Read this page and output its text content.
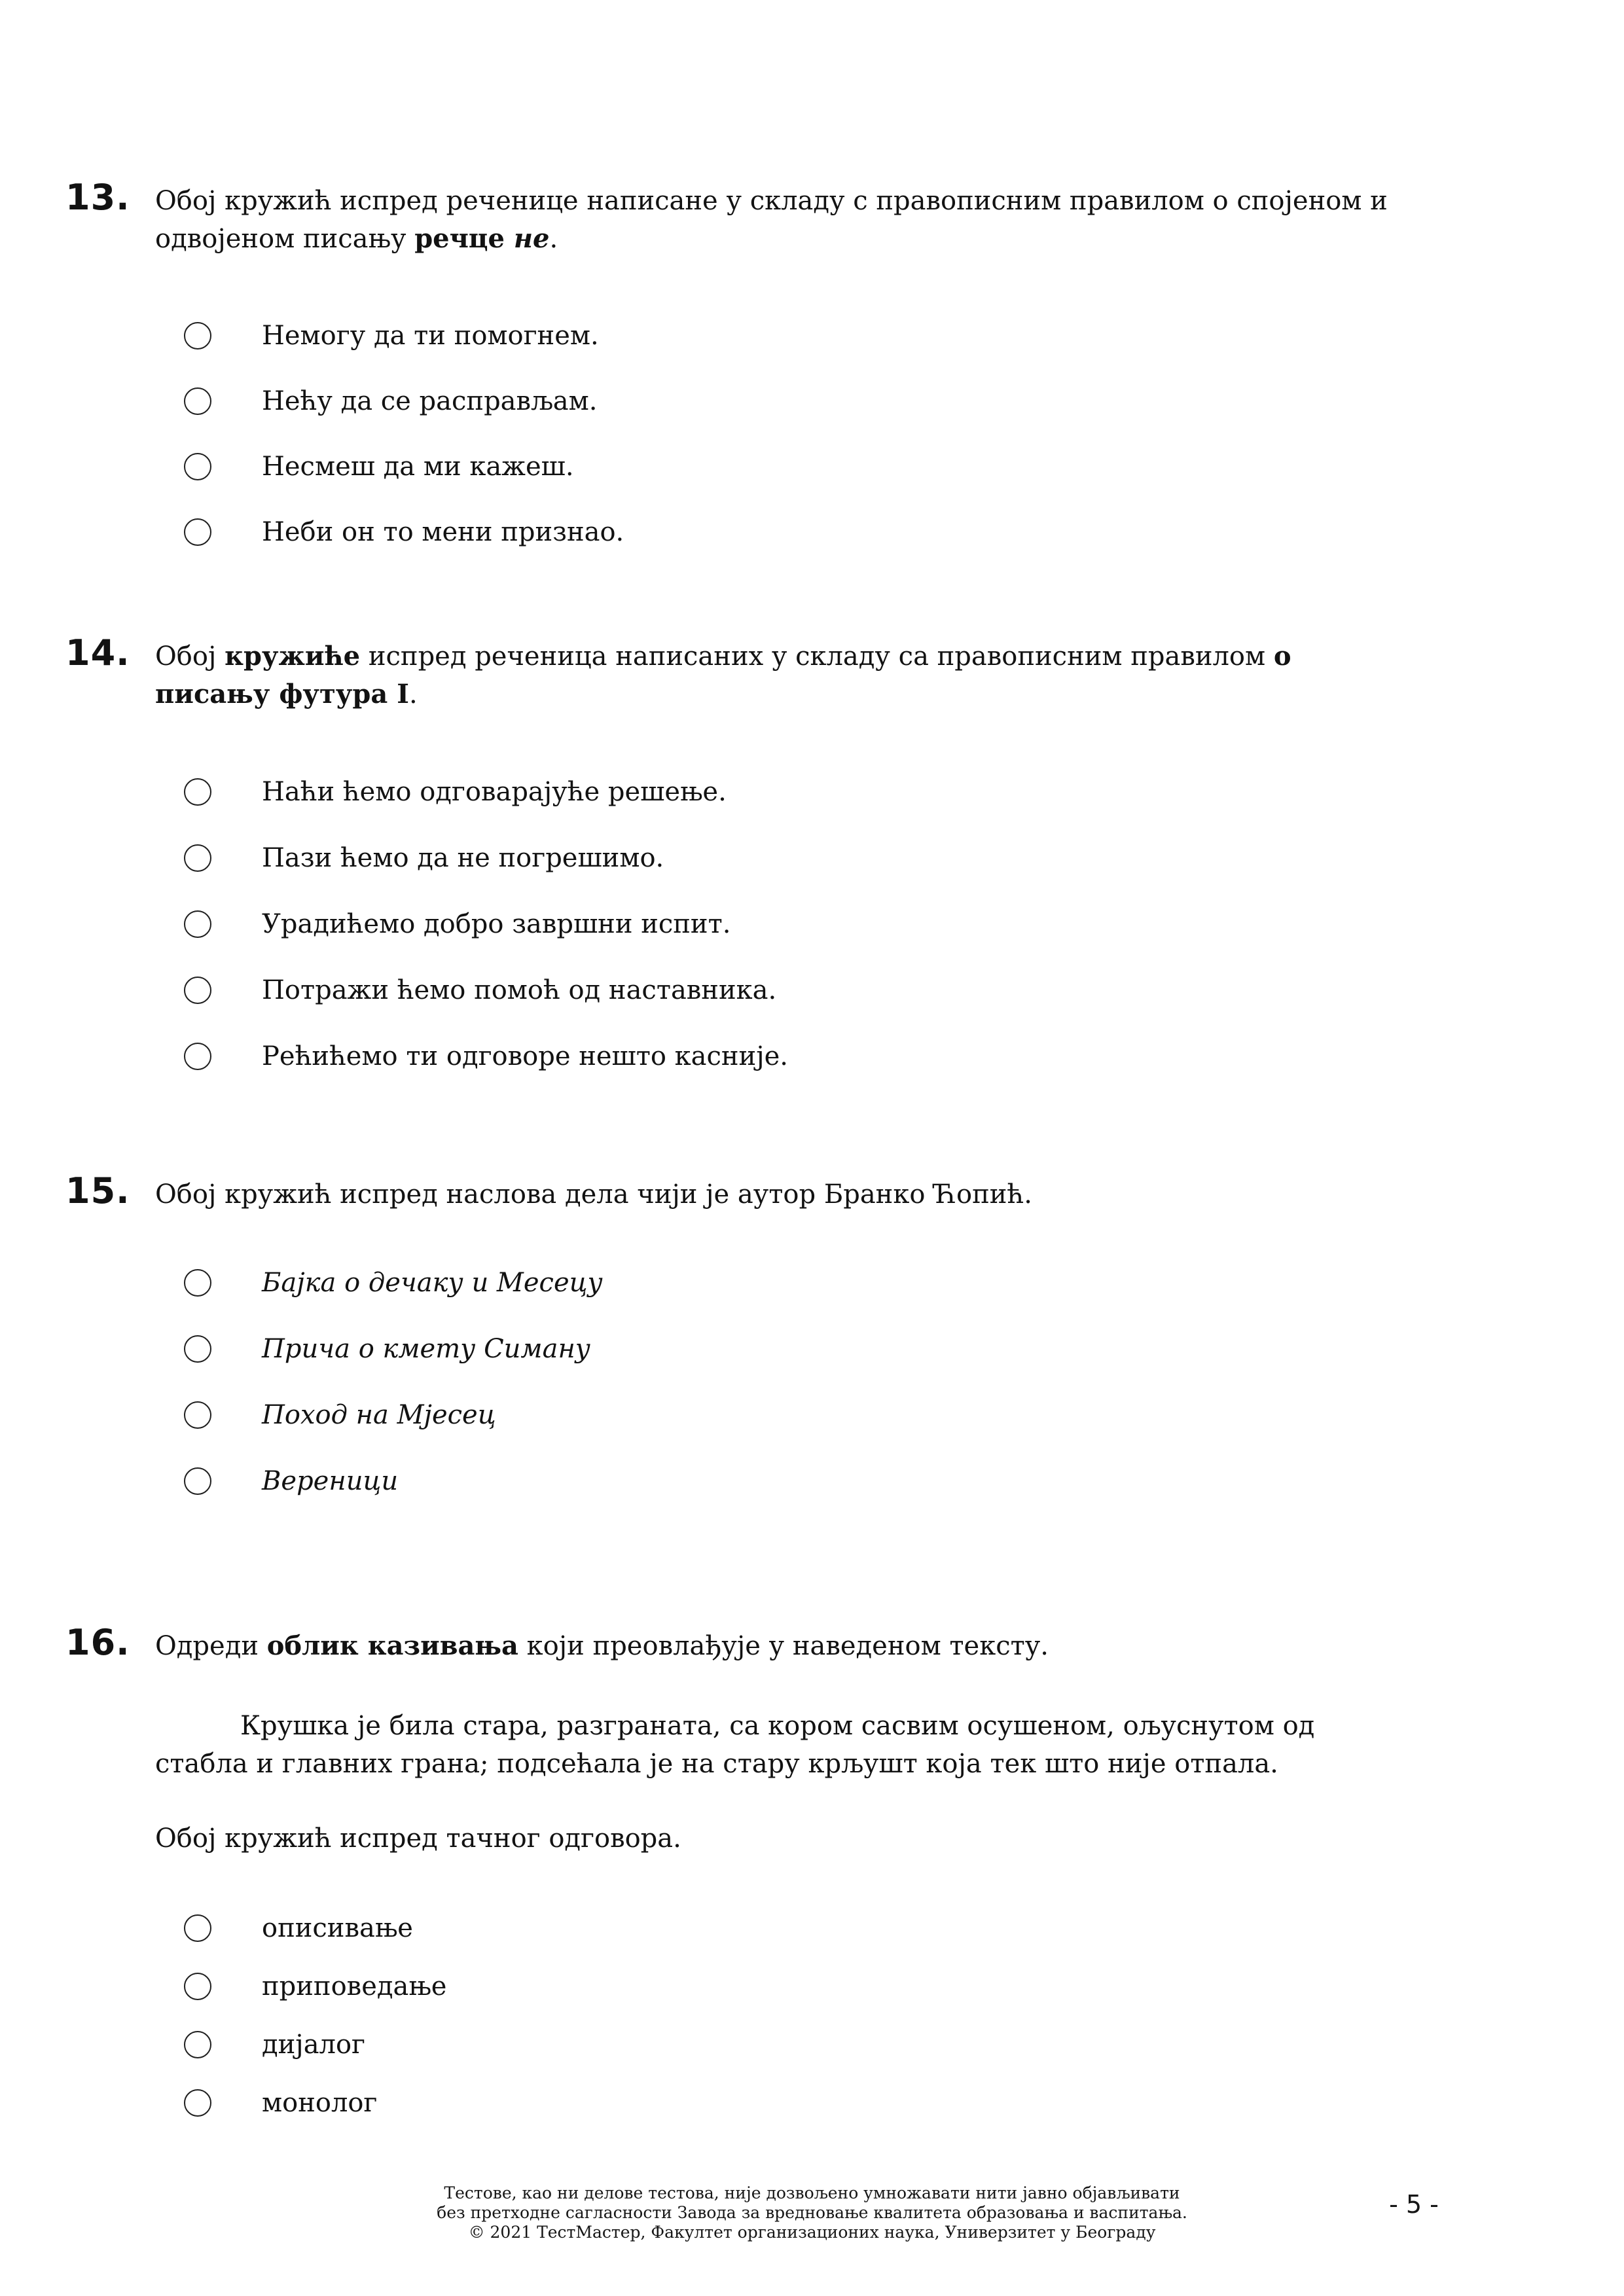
13. Обој кружић испред реченице написане у складу с правописним правилом о спојеном и одвојеном писању речце не.

Немогу да ти помогнем.
Нећу да се расправљам.
Несмеш да ми кажеш.
Неби он то мени признао.
14. Обој кружиће испред реченица написаних у складу са правописним правилом о писању футура I.

Наћи ћемо одговарајуће решење.
Пази ћемо да не погрешимо.
Урадићемо добро завршни испит.
Потражи ћемо помоћ од наставника.
Рећићемо ти одговоре нешто касније.
15. Обој кружић испред наслова дела чији је аутор Бранко Ћопић.

Бајка о дечаку и Месецу
Прича о кмету Симану
Поход на Мјесец
Вереници
16. Одреди облик казивања који преовлађује у наведеном тексту.

Крушка је била стара, разграната, са кором сасвим осушеном, ољуснутом од стабла и главних грана; подсећала је на стару крљушт која тек што није отпала.

Обој кружић испред тачног одговора.

описивање
приповедање
дијалог
монолог
Тестове, као ни делове тестова, није дозвољено умножавати нити јавно објављивати
без претходне сагласности Завода за вредновање квалитета образовања и васпитања.
© 2021 ТестМастер, Факултет организационих наука, Универзитет у Београду
- 5 -
